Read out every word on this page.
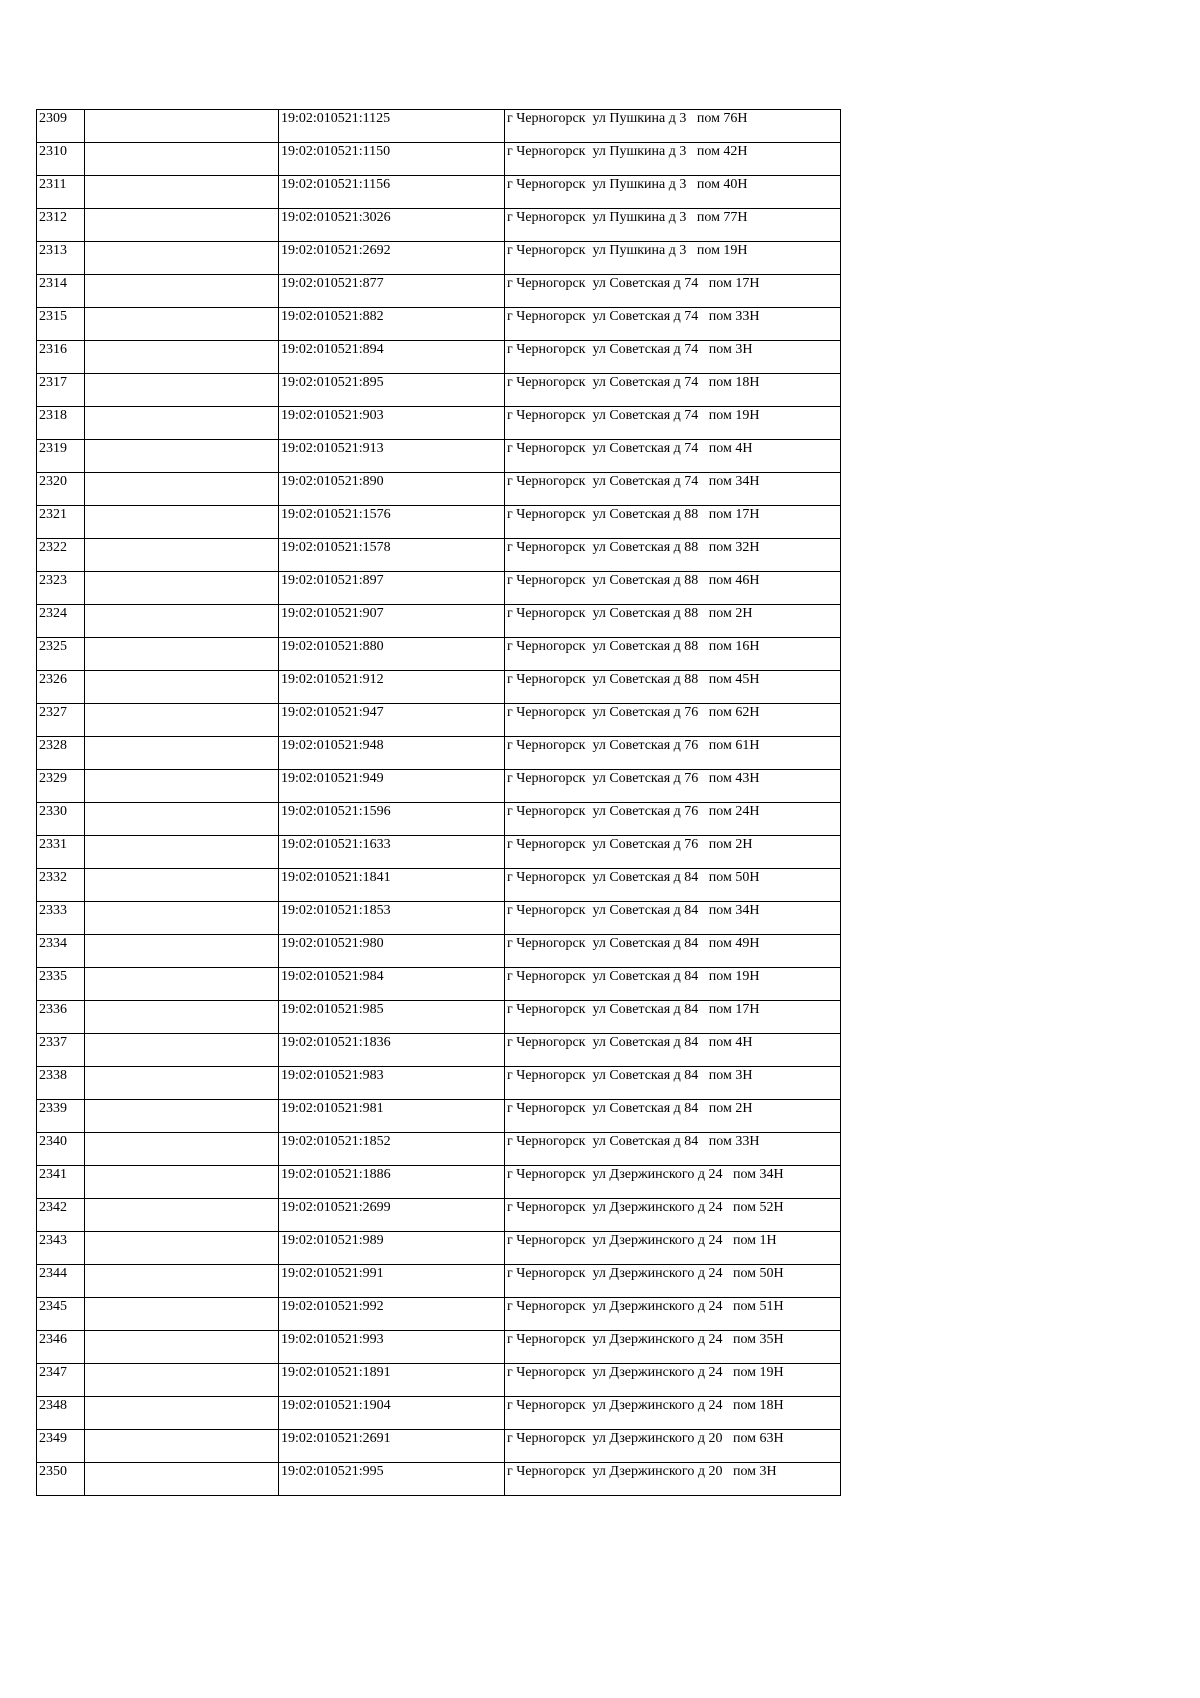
2309		19:02:010521:1125	г Черногорск  ул Пушкина д 3   пом 76Н
2310		19:02:010521:1150	г Черногорск  ул Пушкина д 3   пом 42Н
2311		19:02:010521:1156	г Черногорск  ул Пушкина д 3   пом 40Н
2312		19:02:010521:3026	г Черногорск  ул Пушкина д 3   пом 77Н
2313		19:02:010521:2692	г Черногорск  ул Пушкина д 3   пом 19Н
2314		19:02:010521:877	г Черногорск  ул Советская д 74   пом 17Н
2315		19:02:010521:882	г Черногорск  ул Советская д 74   пом 33Н
2316		19:02:010521:894	г Черногорск  ул Советская д 74   пом 3Н
2317		19:02:010521:895	г Черногорск  ул Советская д 74   пом 18Н
2318		19:02:010521:903	г Черногорск  ул Советская д 74   пом 19Н
2319		19:02:010521:913	г Черногорск  ул Советская д 74   пом 4Н
2320		19:02:010521:890	г Черногорск  ул Советская д 74   пом 34Н
2321		19:02:010521:1576	г Черногорск  ул Советская д 88   пом 17Н
2322		19:02:010521:1578	г Черногорск  ул Советская д 88   пом 32Н
2323		19:02:010521:897	г Черногорск  ул Советская д 88   пом 46Н
2324		19:02:010521:907	г Черногорск  ул Советская д 88   пом 2Н
2325		19:02:010521:880	г Черногорск  ул Советская д 88   пом 16Н
2326		19:02:010521:912	г Черногорск  ул Советская д 88   пом 45Н
2327		19:02:010521:947	г Черногорск  ул Советская д 76   пом 62Н
2328		19:02:010521:948	г Черногорск  ул Советская д 76   пом 61Н
2329		19:02:010521:949	г Черногорск  ул Советская д 76   пом 43Н
2330		19:02:010521:1596	г Черногорск  ул Советская д 76   пом 24Н
2331		19:02:010521:1633	г Черногорск  ул Советская д 76   пом 2Н
2332		19:02:010521:1841	г Черногорск  ул Советская д 84   пом 50Н
2333		19:02:010521:1853	г Черногорск  ул Советская д 84   пом 34Н
2334		19:02:010521:980	г Черногорск  ул Советская д 84   пом 49Н
2335		19:02:010521:984	г Черногорск  ул Советская д 84   пом 19Н
2336		19:02:010521:985	г Черногорск  ул Советская д 84   пом 17Н
2337		19:02:010521:1836	г Черногорск  ул Советская д 84   пом 4Н
2338		19:02:010521:983	г Черногорск  ул Советская д 84   пом 3Н
2339		19:02:010521:981	г Черногорск  ул Советская д 84   пом 2Н
2340		19:02:010521:1852	г Черногорск  ул Советская д 84   пом 33Н
2341		19:02:010521:1886	г Черногорск  ул Дзержинского д 24   пом 34Н
2342		19:02:010521:2699	г Черногорск  ул Дзержинского д 24   пом 52Н
2343		19:02:010521:989	г Черногорск  ул Дзержинского д 24   пом 1Н
2344		19:02:010521:991	г Черногорск  ул Дзержинского д 24   пом 50Н
2345		19:02:010521:992	г Черногорск  ул Дзержинского д 24   пом 51Н
2346		19:02:010521:993	г Черногорск  ул Дзержинского д 24   пом 35Н
2347		19:02:010521:1891	г Черногорск  ул Дзержинского д 24   пом 19Н
2348		19:02:010521:1904	г Черногорск  ул Дзержинского д 24   пом 18Н
2349		19:02:010521:2691	г Черногорск  ул Дзержинского д 20   пом 63Н
2350		19:02:010521:995	г Черногорск  ул Дзержинского д 20   пом 3Н
